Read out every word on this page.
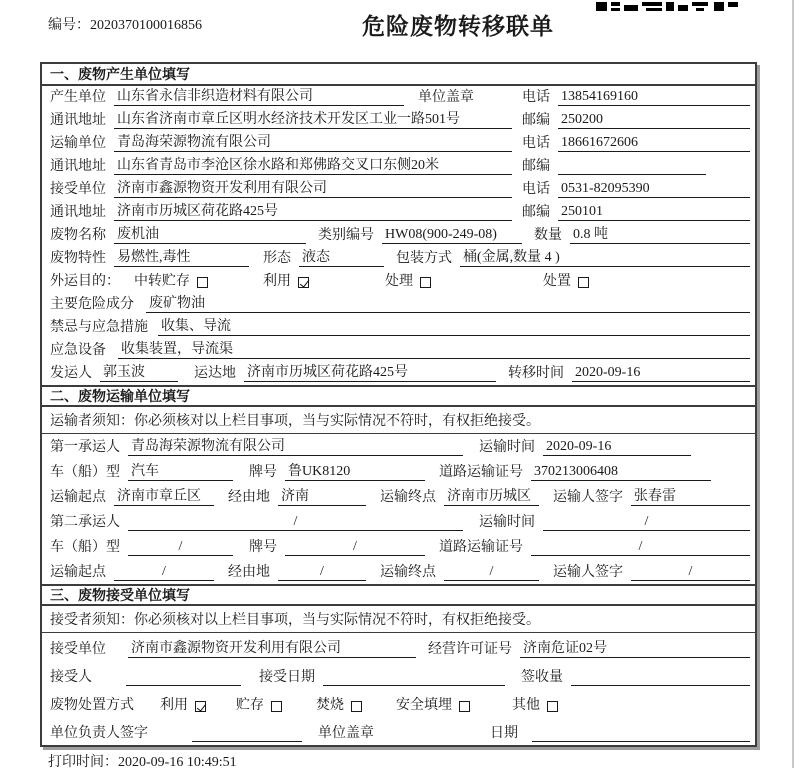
编号：2020370100016856	危险废物转移联单
一、废物产生单位填写
产生单位 山东省永信非织造材料有限公司	单位盖章	电话 13854169160
通讯地址 山东省济南市章丘区明水经济技术开发区工业一路501号	邮编 250200
运输单位 青岛海荣源物流有限公司	电话 18661672606
通讯地址 山东省青岛市李沧区徐水路和郑佛路交叉口东侧20米	邮编
接受单位 济南市鑫源物资开发利用有限公司	电话 0531-82095390
通讯地址 济南市历城区荷花路425号	邮编 250101
废物名称 废机油	类别编号 HW08(900-249-08)	数量 0.8 吨
废物特性 易燃性,毒性	形态 液态	包装方式 桶(金属,数量 4 )
外运目的： 中转贮存	利用	处理	处置
主要危险成分 废矿物油
禁忌与应急措施 收集、导流
应急设备 收集装置，导流渠
发运人 郭玉波	运达地 济南市历城区荷花路425号	转移时间 2020-09-16
二、废物运输单位填写
运输者须知：你必须核对以上栏目事项，当与实际情况不符时，有权拒绝接受。
第一承运人 青岛海荣源物流有限公司	运输时间 2020-09-16
车（船）型 汽车	牌号 鲁UK8120	道路运输证号 370213006408
运输起点 济南市章丘区	经由地 济南	运输终点 济南市历城区	运输人签字 张春雷
第二承运人	/	运输时间	/
车（船）型	/	牌号	/	道路运输证号	/
运输起点	/	经由地	/	运输终点	/	运输人签字	/
三、废物接受单位填写
接受者须知：你必须核对以上栏目事项，当与实际情况不符时，有权拒绝接受。
接受单位 济南市鑫源物资开发利用有限公司	经营许可证号 济南危证02号
接受人	接受日期	签收量
废物处置方式 利用	贮存	焚烧	安全填埋	其他
单位负责人签字	单位盖章	日期
打印时间：2020-09-16 10:49:51
